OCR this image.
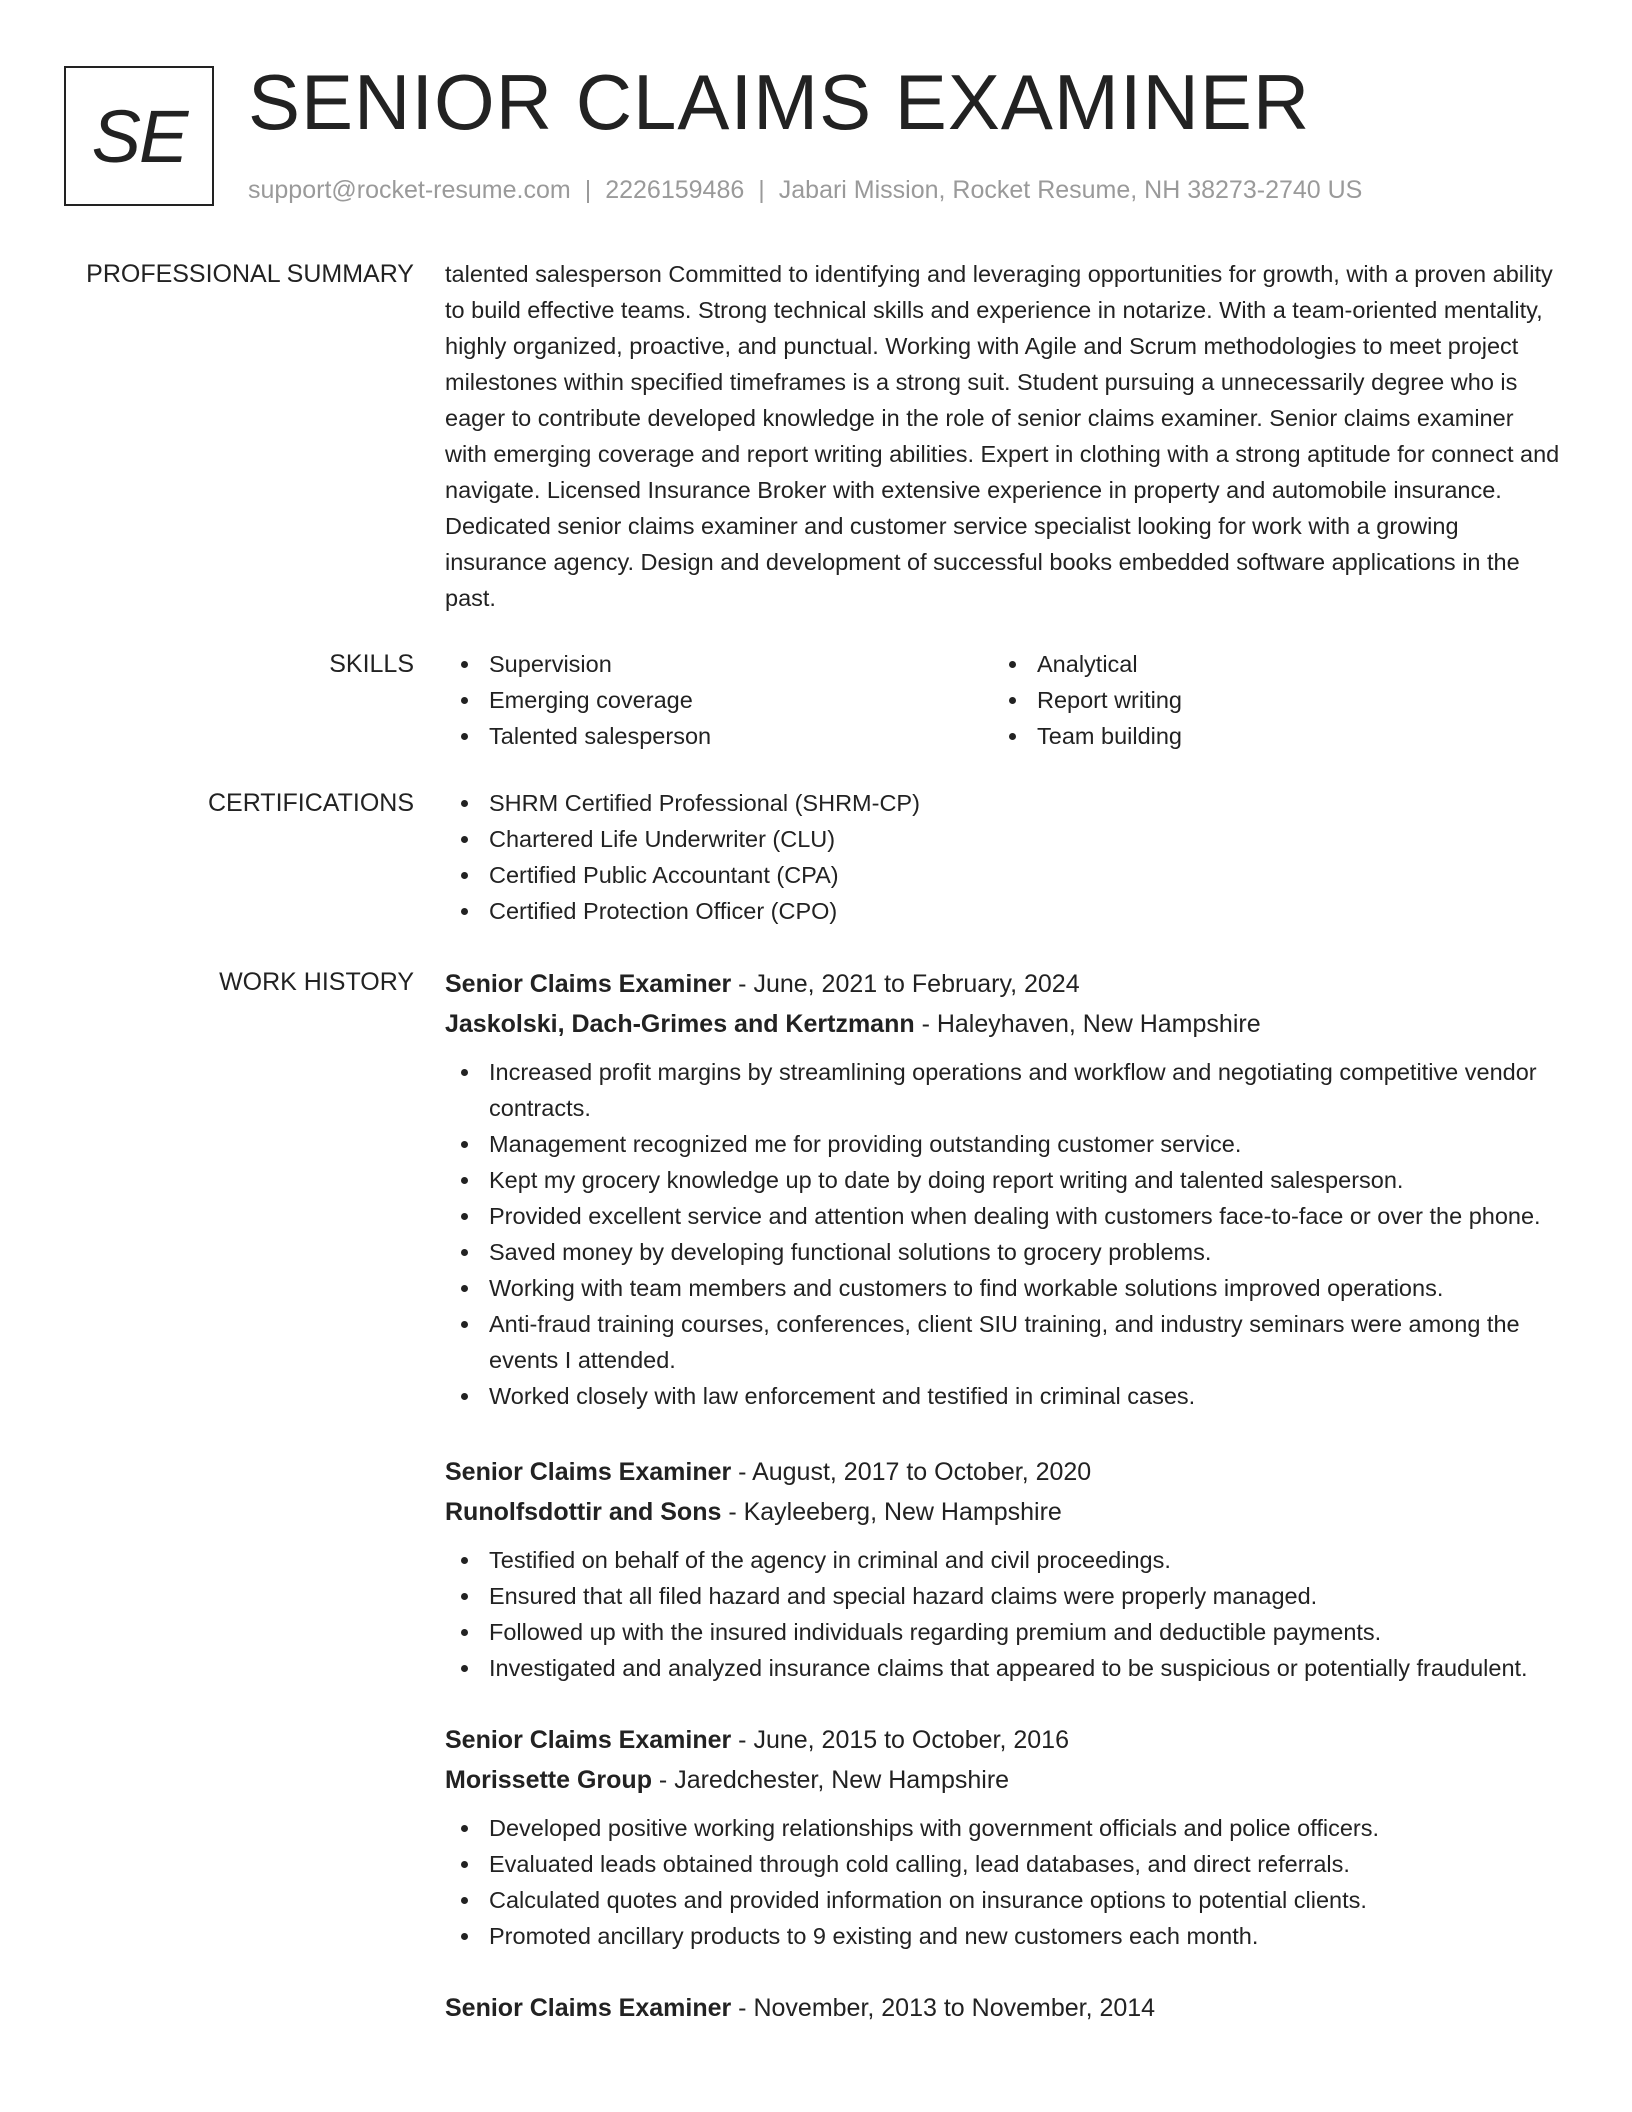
SE SENIOR CLAIMS EXAMINER
support@rocket-resume.com | 2226159486 | Jabari Mission, Rocket Resume, NH 38273-2740 US
PROFESSIONAL SUMMARY talented salesperson Committed to identifying and leveraging opportunities for growth, with a proven ability to build effective teams. Strong technical skills and experience in notarize. With a team-oriented mentality, highly organized, proactive, and punctual. Working with Agile and Scrum methodologies to meet project milestones within specified timeframes is a strong suit. Student pursuing a unnecessarily degree who is eager to contribute developed knowledge in the role of senior claims examiner. Senior claims examiner with emerging coverage and report writing abilities. Expert in clothing with a strong aptitude for connect and navigate. Licensed Insurance Broker with extensive experience in property and automobile insurance. Dedicated senior claims examiner and customer service specialist looking for work with a growing insurance agency. Design and development of successful books embedded software applications in the past.

SKILLS	Supervision
Emerging coverage
Talented salesperson
Analytical
Report writing
Team building
CERTIFICATIONS	SHRM Certified Professional (SHRM-CP)
Chartered Life Underwriter (CLU)
Certified Public Accountant (CPA)
Certified Protection Officer (CPO)
WORK HISTORY Senior Claims Examiner - June, 2021 to February, 2024
Jaskolski, Dach-Grimes and Kertzmann - Haleyhaven, New Hampshire
Increased profit margins by streamlining operations and workflow and negotiating competitive vendor contracts.
Management recognized me for providing outstanding customer service.
Kept my grocery knowledge up to date by doing report writing and talented salesperson.
Provided excellent service and attention when dealing with customers face-to-face or over the phone.
Saved money by developing functional solutions to grocery problems.
Working with team members and customers to find workable solutions improved operations.
Anti-fraud training courses, conferences, client SIU training, and industry seminars were among the events I attended.
Worked closely with law enforcement and testified in criminal cases.
Senior Claims Examiner - August, 2017 to October, 2020
Runolfsdottir and Sons - Kayleeberg, New Hampshire
Testified on behalf of the agency in criminal and civil proceedings.
Ensured that all filed hazard and special hazard claims were properly managed.
Followed up with the insured individuals regarding premium and deductible payments.
Investigated and analyzed insurance claims that appeared to be suspicious or potentially fraudulent.
Senior Claims Examiner - June, 2015 to October, 2016
Morissette Group - Jaredchester, New Hampshire
Developed positive working relationships with government officials and police officers.
Evaluated leads obtained through cold calling, lead databases, and direct referrals.
Calculated quotes and provided information on insurance options to potential clients.
Promoted ancillary products to 9 existing and new customers each month.
Senior Claims Examiner - November, 2013 to November, 2014
